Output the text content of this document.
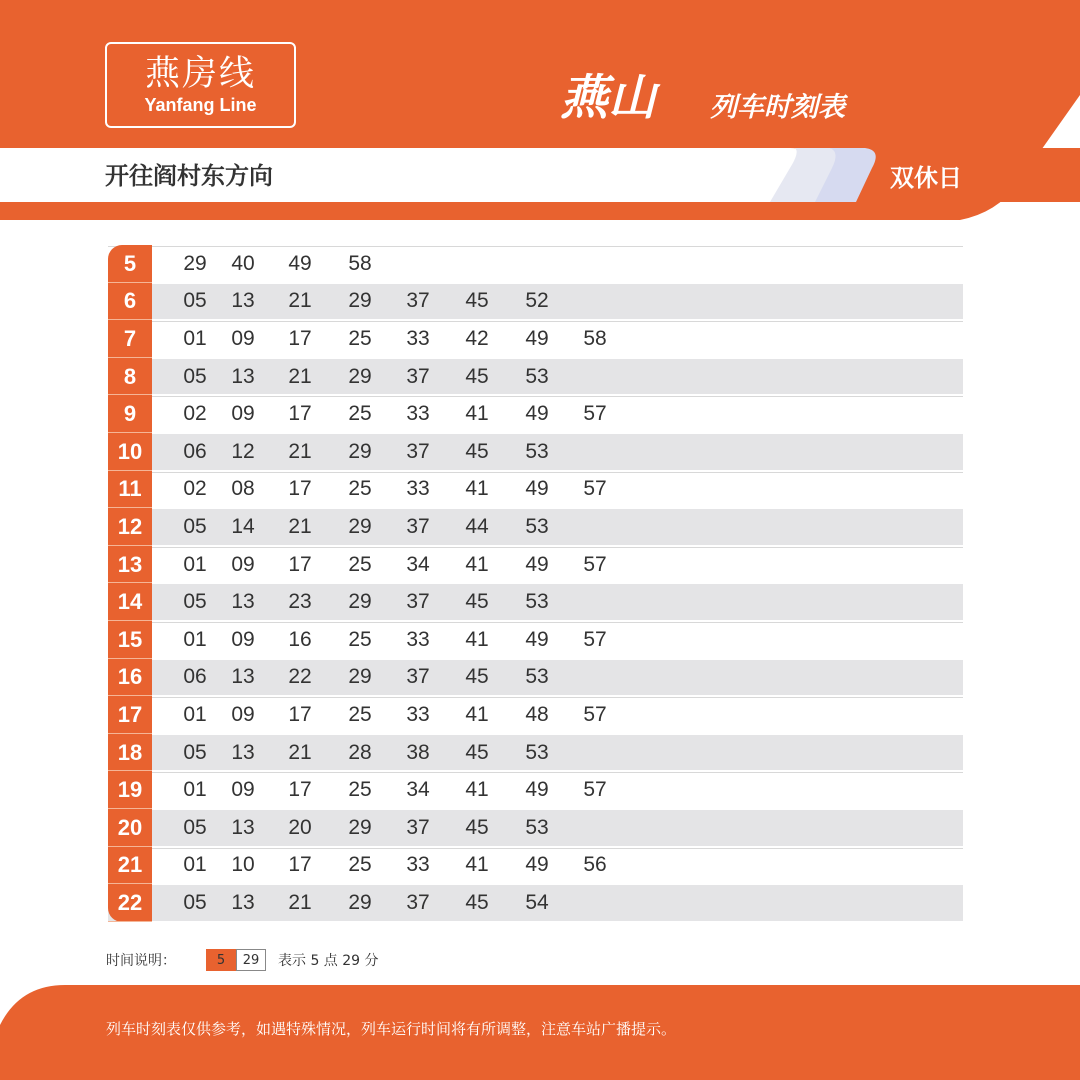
燕房线
Yanfang Line	燕山 列车时刻表
开往阎村东方向	双休日
5	29	40	49	58
6	05	13	21	29	37	45	52
7	01	09	17	25	33	42	49	58
8	05	13	21	29	37	45	53
9	02	09	17	25	33	41	49	57
10	06	12	21	29	37	45	53
11	02	08	17	25	33	41	49	57
12	05	14	21	29	37	44	53
13	01	09	17	25	34	41	49	57
14	05	13	23	29	37	45	53
15	01	09	16	25	33	41	49	57
16	06	13	22	29	37	45	53
17	01	09	17	25	33	41	48	57
18	05	13	21	28	38	45	53
19	01	09	17	25	34	41	49	57
20	05	13	20	29	37	45	53
21	01	10	17	25	33	41	49	56
22	05	13	21	29	37	45	54
时间说明：	5	29	表示 5 点 29 分
列车时刻表仅供参考，如遇特殊情况，列车运行时间将有所调整，注意车站广播提示。
